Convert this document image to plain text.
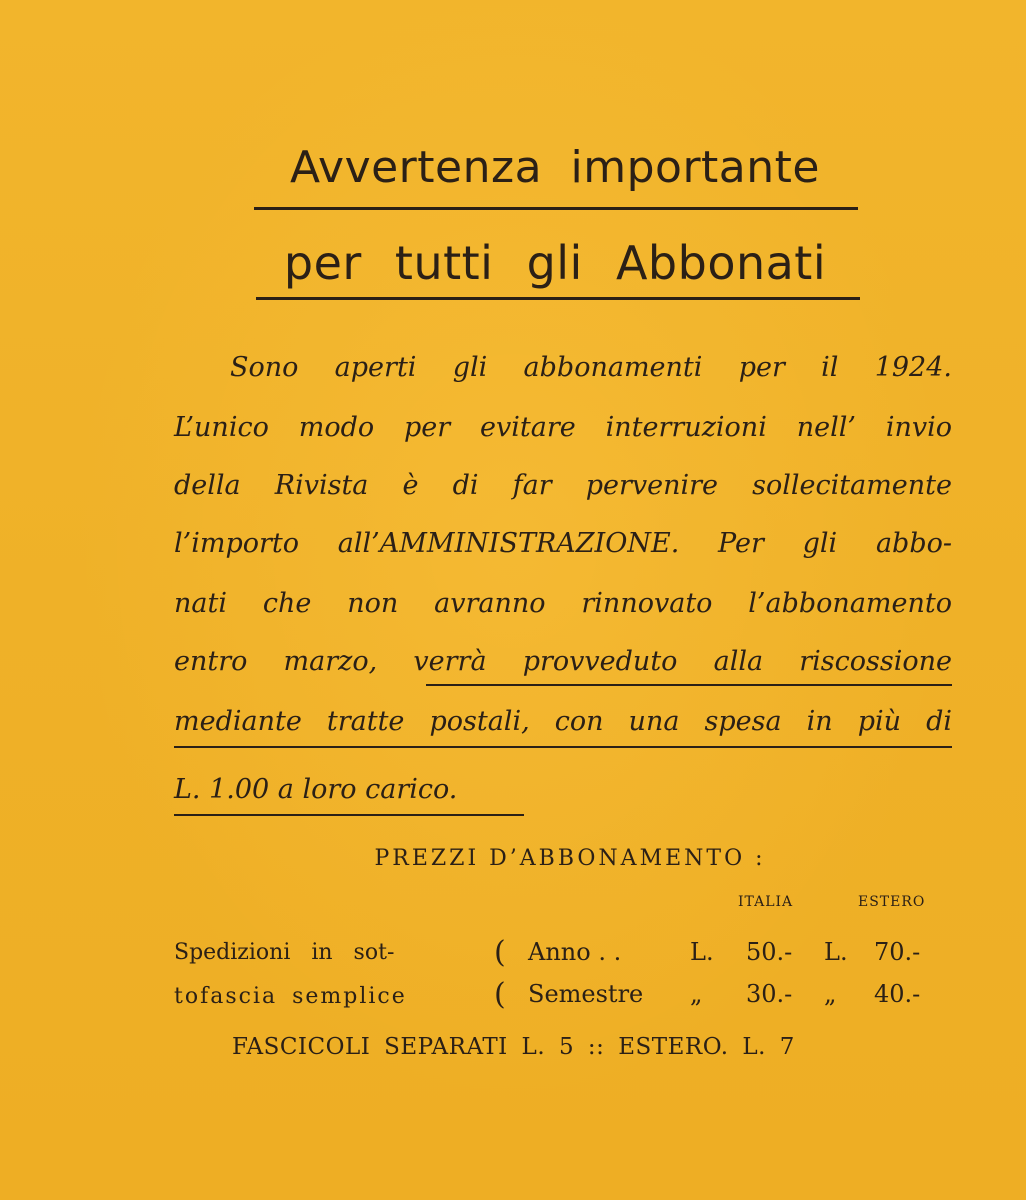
Avvertenza importante
per tutti gli Abbonati
Sono aperti gli abbonamenti per il 1924.
L’unico modo per evitare interruzioni nell’ invio
della Rivista è di far pervenire sollecitamente
l’importo all’AMMINISTRAZIONE. Per gli abbo-
nati che non avranno rinnovato l’abbonamento
entro marzo, verrà provveduto alla riscossione
mediante tratte postali, con una spesa in più di
L. 1.00 a loro carico.
PREZZI D’ABBONAMENTO :
ITALIA	ESTERO
Spedizioni in sot-
tofascia semplice
(
(
Anno . .	L. 50.- L. 70.-
Semestre „ 30.- „ 40.-
FASCICOLI SEPARATI L. 5 :: ESTERO. L. 7
